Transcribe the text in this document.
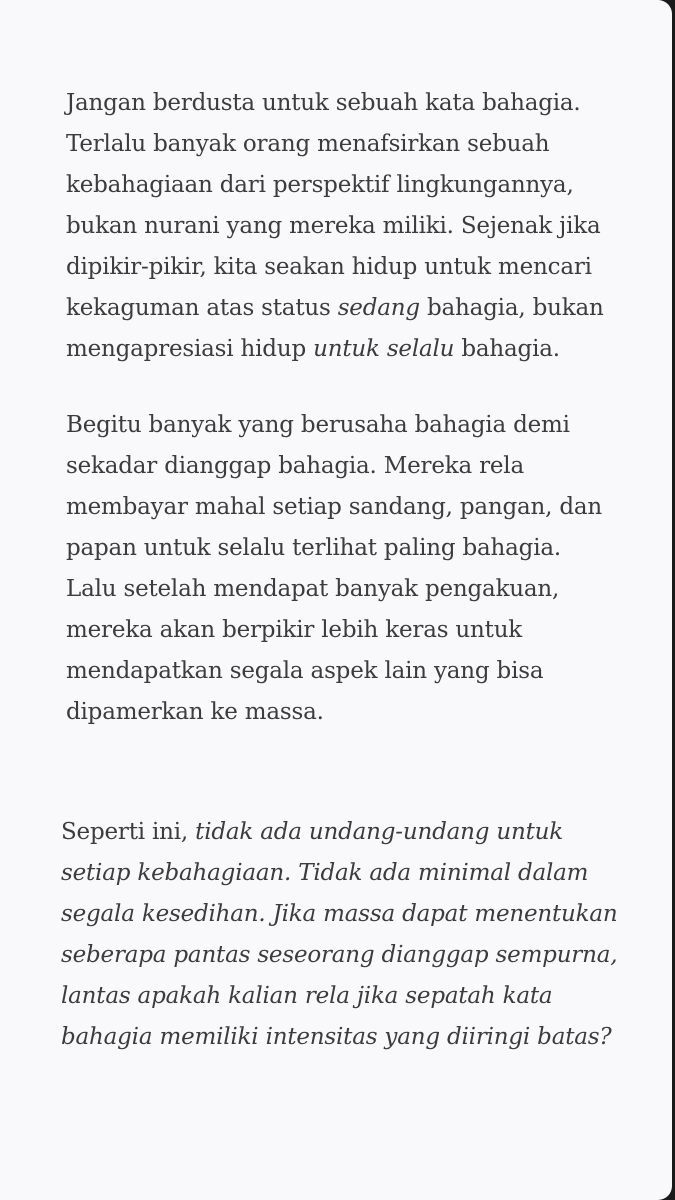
Jangan berdusta untuk sebuah kata bahagia.
Terlalu banyak orang menafsirkan sebuah
kebahagiaan dari perspektif lingkungannya,
bukan nurani yang mereka miliki. Sejenak jika
dipikir-pikir, kita seakan hidup untuk mencari
kekaguman atas status sedang bahagia, bukan
mengapresiasi hidup untuk selalu bahagia.
Begitu banyak yang berusaha bahagia demi
sekadar dianggap bahagia. Mereka rela
membayar mahal setiap sandang, pangan, dan
papan untuk selalu terlihat paling bahagia.
Lalu setelah mendapat banyak pengakuan,
mereka akan berpikir lebih keras untuk
mendapatkan segala aspek lain yang bisa
dipamerkan ke massa.
Seperti ini, tidak ada undang-undang untuk
setiap kebahagiaan. Tidak ada minimal dalam
segala kesedihan. Jika massa dapat menentukan
seberapa pantas seseorang dianggap sempurna,
lantas apakah kalian rela jika sepatah kata
bahagia memiliki intensitas yang diiringi batas?
